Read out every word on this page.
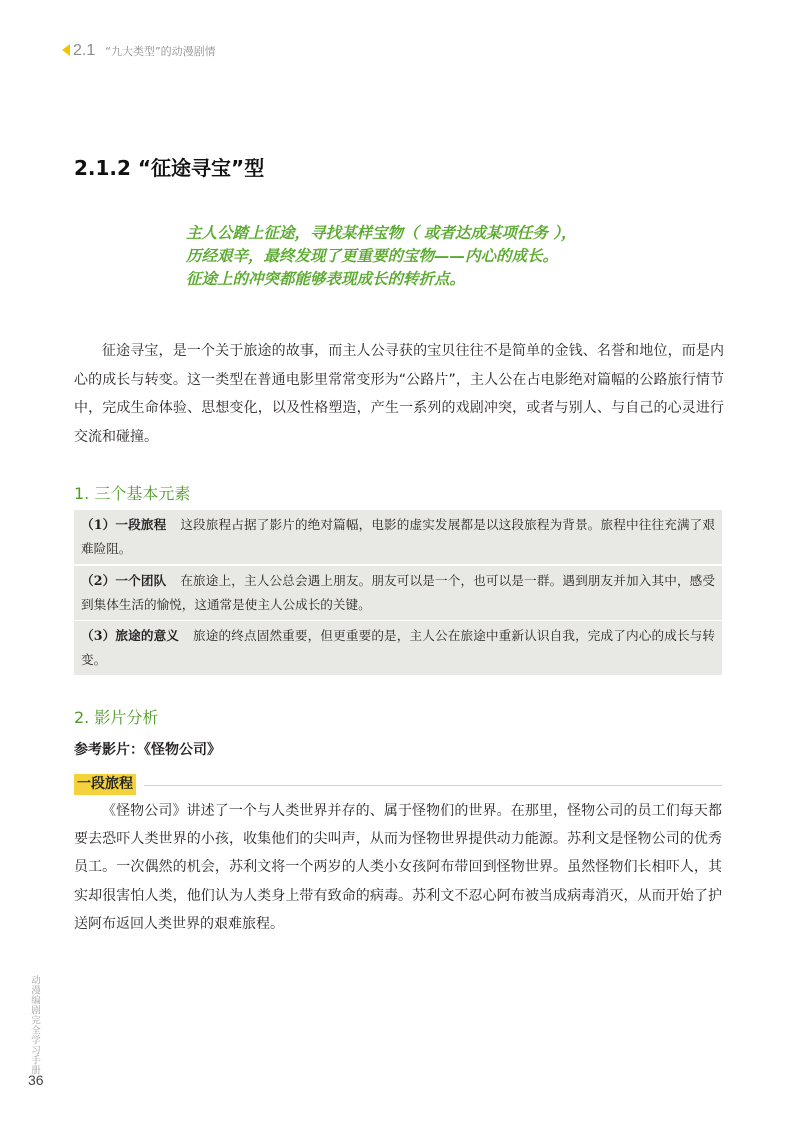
2.1 “九大类型”的动漫剧情
2.1.2 “征途寻宝”型
主人公踏上征途，寻找某样宝物（ 或者达成某项任务 ），
历经艰辛，最终发现了更重要的宝物——内心的成长。
征途上的冲突都能够表现成长的转折点。

征途寻宝，是一个关于旅途的故事，而主人公寻获的宝贝往往不是简单的金钱、名誉和地位，而是内心的成长与转变。这一类型在普通电影里常常变形为“公路片”，主人公在占电影绝对篇幅的公路旅行情节中，完成生命体验、思想变化，以及性格塑造，产生一系列的戏剧冲突，或者与别人、与自己的心灵进行交流和碰撞。

1. 三个基本元素
（1）一段旅程 这段旅程占据了影片的绝对篇幅，电影的虚实发展都是以这段旅程为背景。旅程中往往充满了艰难险阻。
（2）一个团队 在旅途上，主人公总会遇上朋友。朋友可以是一个，也可以是一群。遇到朋友并加入其中，感受到集体生活的愉悦，这通常是使主人公成长的关键。
（3）旅途的意义 旅途的终点固然重要，但更重要的是，主人公在旅途中重新认识自我，完成了内心的成长与转变。
2. 影片分析
参考影片：《怪物公司》
一段旅程

《怪物公司》讲述了一个与人类世界并存的、属于怪物们的世界。在那里，怪物公司的员工们每天都要去恐吓人类世界的小孩，收集他们的尖叫声，从而为怪物世界提供动力能源。苏利文是怪物公司的优秀员工。一次偶然的机会，苏利文将一个两岁的人类小女孩阿布带回到怪物世界。虽然怪物们长相吓人，其实却很害怕人类，他们认为人类身上带有致命的病毒。苏利文不忍心阿布被当成病毒消灭，从而开始了护送阿布返回人类世界的艰难旅程。

动漫编剧完全学习手册
36
